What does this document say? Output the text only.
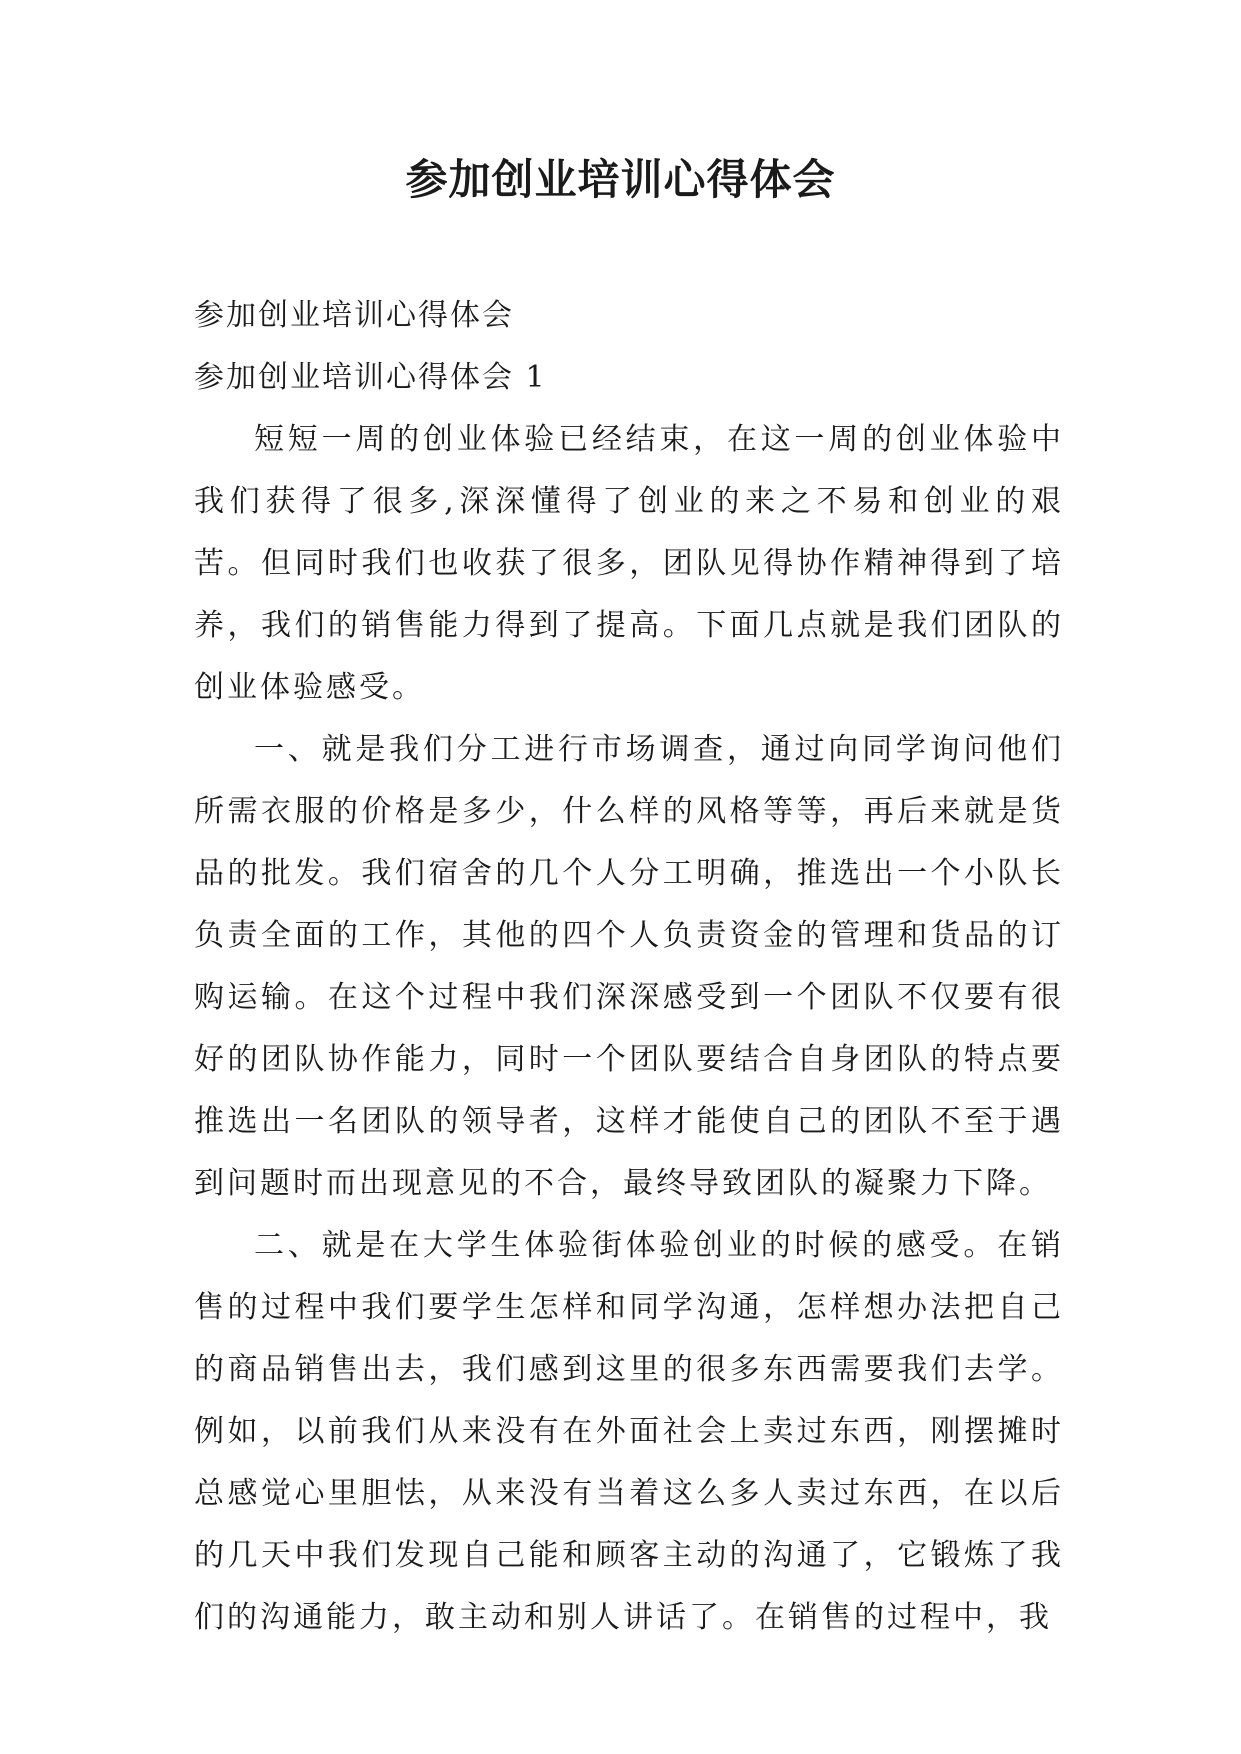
参加创业培训心得体会

参加创业培训心得体会

参加创业培训心得体会 1

短短一周的创业体验已经结束，在这一周的创业体验中我们获得了很多,深深懂得了创业的来之不易和创业的艰苦。但同时我们也收获了很多，团队见得协作精神得到了培养，我们的销售能力得到了提高。下面几点就是我们团队的创业体验感受。

一、就是我们分工进行市场调查，通过向同学询问他们所需衣服的价格是多少，什么样的风格等等，再后来就是货品的批发。我们宿舍的几个人分工明确，推选出一个小队长负责全面的工作，其他的四个人负责资金的管理和货品的订购运输。在这个过程中我们深深感受到一个团队不仅要有很好的团队协作能力，同时一个团队要结合自身团队的特点要推选出一名团队的领导者，这样才能使自己的团队不至于遇到问题时而出现意见的不合，最终导致团队的凝聚力下降。

二、就是在大学生体验街体验创业的时候的感受。在销售的过程中我们要学生怎样和同学沟通，怎样想办法把自己的商品销售出去，我们感到这里的很多东西需要我们去学。例如，以前我们从来没有在外面社会上卖过东西，刚摆摊时总感觉心里胆怯，从来没有当着这么多人卖过东西，在以后的几天中我们发现自己能和顾客主动的沟通了，它锻炼了我们的沟通能力，敢主动和别人讲话了。在销售的过程中，我
